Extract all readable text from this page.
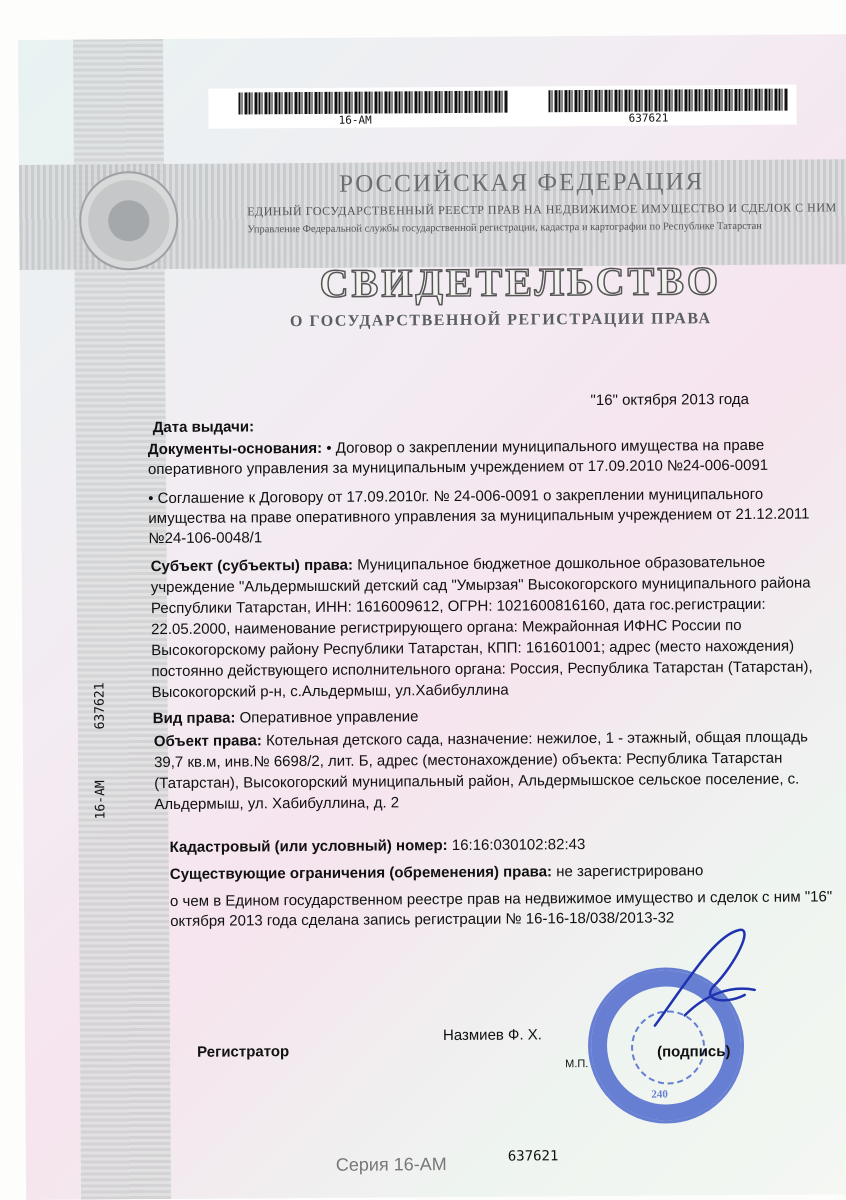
16-АМ	637621
РОССИЙСКАЯ ФЕДЕРАЦИЯ
ЕДИНЫЙ ГОСУДАРСТВЕННЫЙ РЕЕСТР ПРАВ НА НЕДВИЖИМОЕ ИМУЩЕСТВО И СДЕЛОК С НИМ
Управление Федеральной службы государственной регистрации, кадастра и картографии по Республике Татарстан
СВИДЕТЕЛЬСТВО
О ГОСУДАРСТВЕННОЙ РЕГИСТРАЦИИ ПРАВА
16-АМ
637621
"16" октября 2013 года
Дата выдачи:
Документы-основания: • Договор о закреплении муниципального имущества на праве
оперативного управления за муниципальным учреждением от 17.09.2010 №24-006-0091
• Соглашение к Договору от 17.09.2010г. № 24-006-0091 о закреплении муниципального
имущества на праве оперативного управления за муниципальным учреждением от 21.12.2011
№24-106-0048/1
Субъект (субъекты) права: Муниципальное бюджетное дошкольное образовательное
учреждение "Альдермышский детский сад "Умырзая" Высокогорского муниципального района
Республики Татарстан, ИНН: 1616009612, ОГРН: 1021600816160, дата гос.регистрации:
22.05.2000, наименование регистрирующего органа: Межрайонная ИФНС России по
Высокогорскому району Республики Татарстан, КПП: 161601001; адрес (место нахождения)
постоянно действующего исполнительного органа: Россия, Республика Татарстан (Татарстан),
Высокогорский р-н, с.Альдермыш, ул.Хабибуллина
Вид права: Оперативное управление
Объект права: Котельная детского сада, назначение: нежилое, 1 - этажный, общая площадь
39,7 кв.м, инв.№ 6698/2, лит. Б, адрес (местонахождение) объекта: Республика Татарстан
(Татарстан), Высокогорский муниципальный район, Альдермышское сельское поселение, с.
Альдермыш, ул. Хабибуллина, д. 2
Кадастровый (или условный) номер: 16:16:030102:82:43
Существующие ограничения (обременения) права: не зарегистрировано
о чем в Едином государственном реестре прав на недвижимое имущество и сделок с ним "16"
октября 2013 года сделана запись регистрации № 16-16-18/038/2013-32
Регистратор
Назмиев Ф. Х.
М.П.
240
(подпись)
Серия 16-АМ	637621
